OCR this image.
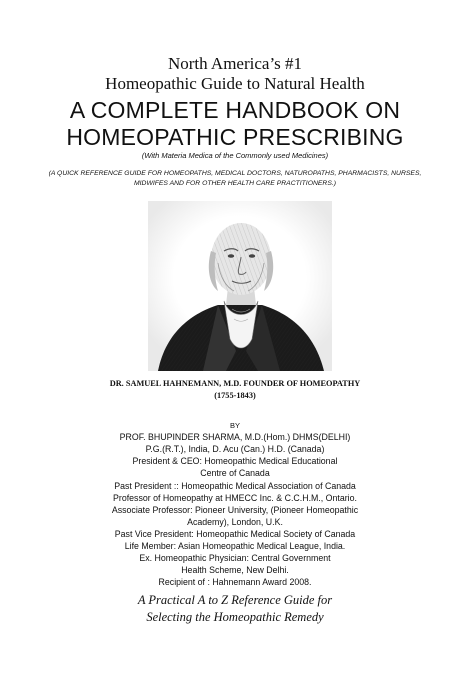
North America’s #1
Homeopathic Guide to Natural Health
A COMPLETE HANDBOOK ON
HOMEOPATHIC PRESCRIBING
(With Materia Medica of the Commonly used Medicines)
(A QUICK REFERENCE GUIDE FOR HOMEOPATHS, MEDICAL DOCTORS, NATUROPATHS, PHARMACISTS, NURSES,
MIDWIFES AND FOR OTHER HEALTH CARE PRACTITIONERS.)
DR. SAMUEL HAHNEMANN, M.D. FOUNDER OF HOMEOPATHY
(1755-1843)
BY
PROF. BHUPINDER SHARMA, M.D.(Hom.) DHMS(DELHI)
P.G.(R.T.), India, D. Acu (Can.) H.D. (Canada)
President & CEO: Homeopathic Medical Educational
Centre of Canada
Past President :: Homeopathic Medical Association of Canada
Professor of Homeopathy at HMECC Inc. & C.C.H.M., Ontario.
Associate Professor: Pioneer University, (Pioneer Homeopathic
Academy), London, U.K.
Past Vice President: Homeopathic Medical Society of Canada
Life Member: Asian Homeopathic Medical League, India.
Ex. Homeopathic Physician: Central Government
Health Scheme, New Delhi.
Recipient of : Hahnemann Award 2008.
A Practical A to Z Reference Guide for
Selecting the Homeopathic Remedy
